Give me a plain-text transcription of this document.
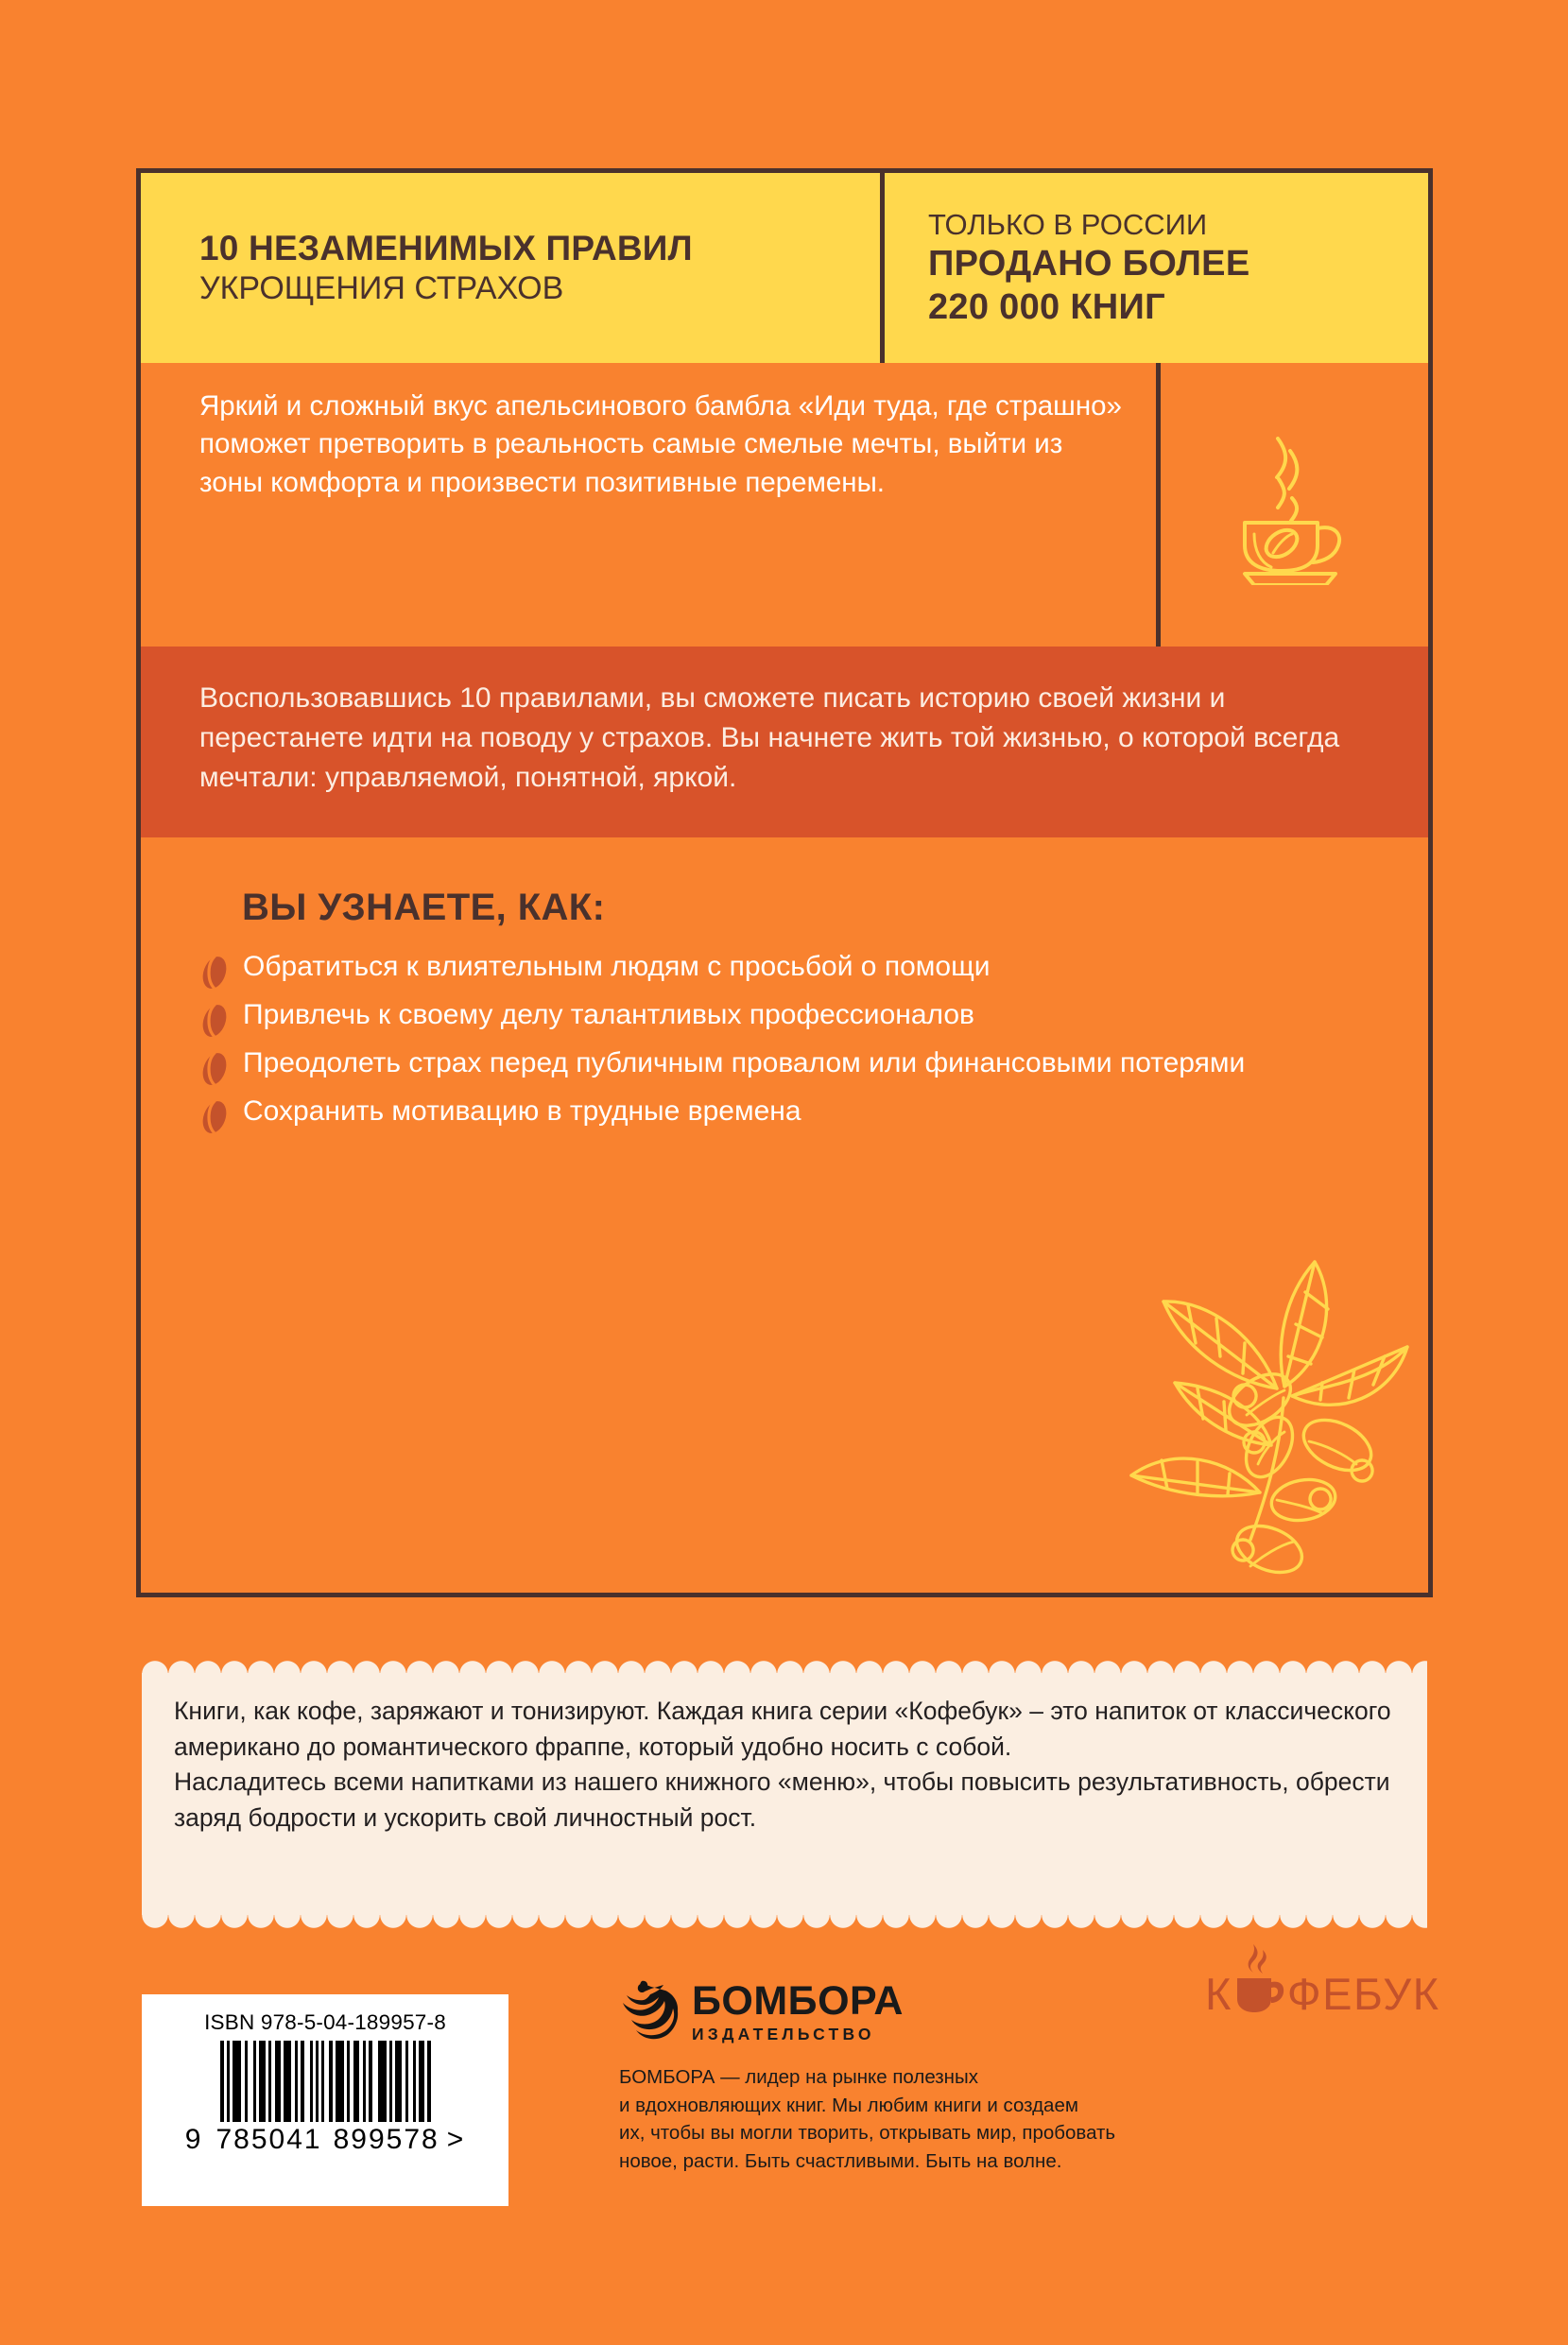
10 НЕЗАМЕНИМЫХ ПРАВИЛ
УКРОЩЕНИЯ СТРАХОВ
ТОЛЬКО В РОССИИ
ПРОДАНО БОЛЕЕ
220 000 КНИГ

Яркий и сложный вкус апельсинового бамбла «Иди туда, где страшно» поможет претворить в реальность самые смелые мечты, выйти из зоны комфорта и произвести позитивные перемены.

Воспользовавшись 10 правилами, вы сможете писать историю своей жизни и перестанете идти на поводу у страхов. Вы начнете жить той жизнью, о которой всегда мечтали: управляемой, понятной, яркой.

ВЫ УЗНАЕТЕ, КАК:
Обратиться к влиятельным людям с просьбой о помощи
Привлечь к своему делу талантливых профессионалов
Преодолеть страх перед публичным провалом или финансовыми потерями
Сохранить мотивацию в трудные времена

Книги, как кофе, заряжают и тонизируют. Каждая книга серии «Кофебук» – это напиток от классического американо до романтического фраппе, который удобно носить с собой.

Насладитесь всеми напитками из нашего книжного «меню», чтобы повысить результативность, обрести заряд бодрости и ускорить свой личностный рост.

ISBN 978-5-04-189957-8
9 785041 899578 >
БОМБОРА
ИЗДАТЕЛЬСТВО
БОМБОРА — лидер на рынке полезных
и вдохновляющих книг. Мы любим книги и создаем
их, чтобы вы могли творить, открывать мир, пробовать
новое, расти. Быть счастливыми. Быть на волне.
К ФЕБУК
